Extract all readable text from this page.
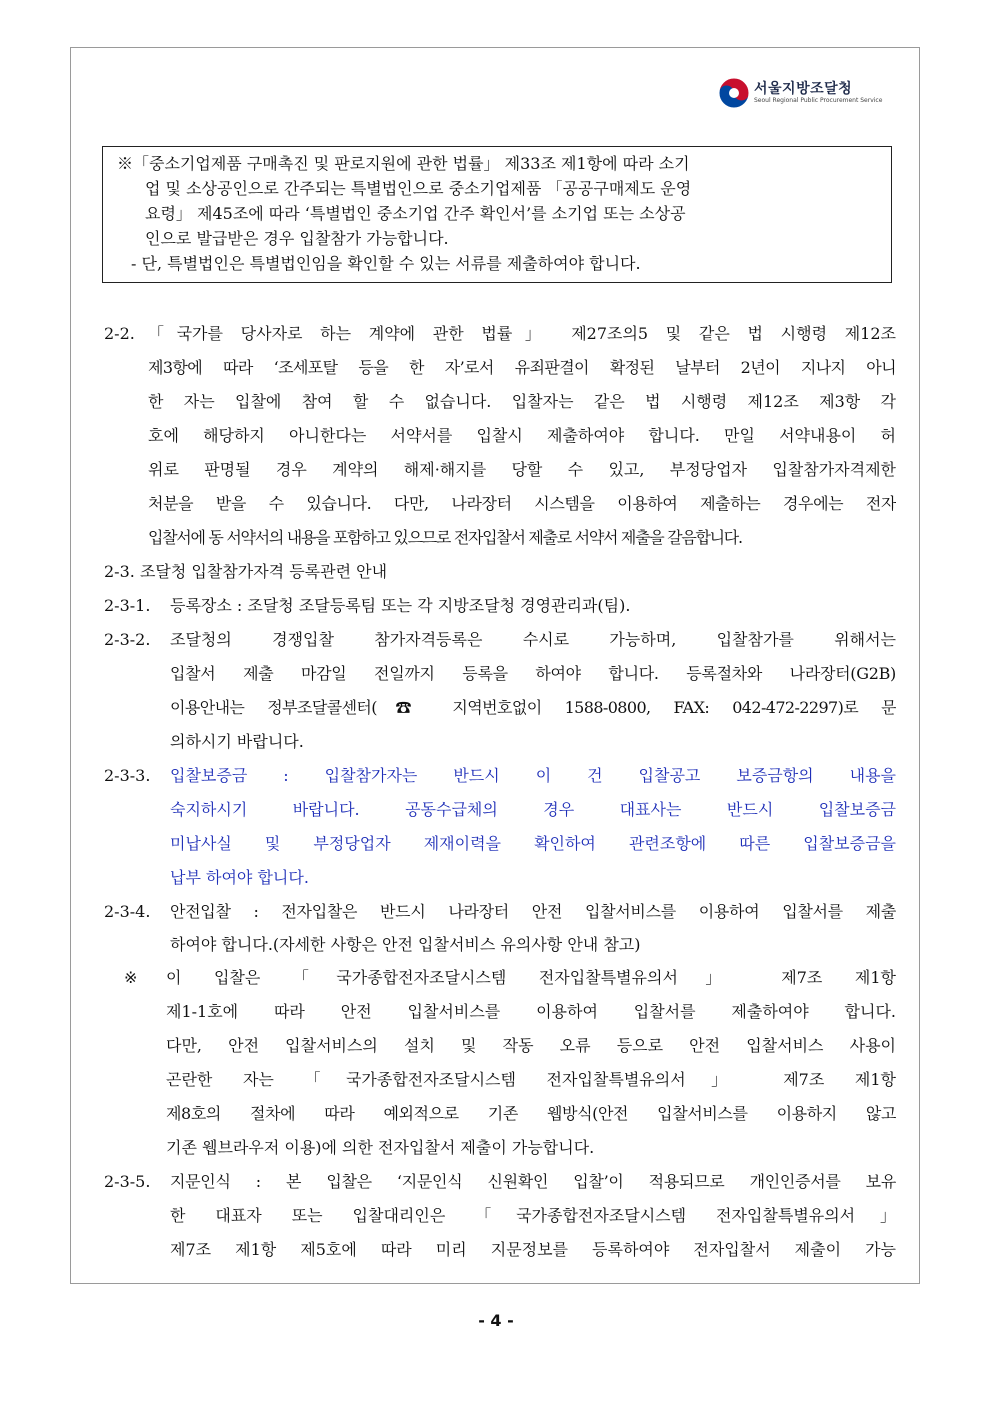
서울지방조달청
Seoul Regional Public Procurement Service
※「중소기업제품 구매촉진 및 판로지원에 관한 법률」 제33조 제1항에 따라 소기
업 및 소상공인으로 간주되는 특별법인으로 중소기업제품 「공공구매제도 운영
요령」 제45조에 따라 ‘특별법인 중소기업 간주 확인서’를 소기업 또는 소상공
인으로 발급받은 경우 입찰참가 가능합니다.
- 단, 특별법인은 특별법인임을 확인할 수 있는 서류를 제출하여야 합니다.
2-2. 「국가를 당사자로 하는 계약에 관한 법률」 제27조의5 및 같은 법 시행령 제12조
제3항에 따라 ‘조세포탈 등을 한 자’로서 유죄판결이 확정된 날부터 2년이 지나지 아니
한 자는 입찰에 참여 할 수 없습니다. 입찰자는 같은 법 시행령 제12조 제3항 각
호에 해당하지 아니한다는 서약서를 입찰시 제출하여야 합니다. 만일 서약내용이 허
위로 판명될 경우 계약의 해제·해지를 당할 수 있고, 부정당업자 입찰참가자격제한
처분을 받을 수 있습니다. 다만, 나라장터 시스템을 이용하여 제출하는 경우에는 전자
입찰서에 동 서약서의 내용을 포함하고 있으므로 전자입찰서 제출로 서약서 제출을 갈음합니다.
2-3. 조달청 입찰참가자격 등록관련 안내
2-3-1.	등록장소 : 조달청 조달등록팀 또는 각 지방조달청 경영관리과(팀).
2-3-2.	조달청의 경쟁입찰 참가자격등록은 수시로 가능하며, 입찰참가를 위해서는
입찰서 제출 마감일 전일까지 등록을 하여야 합니다. 등록절차와 나라장터(G2B)
이용안내는 정부조달콜센터(☎ 지역번호없이 1588-0800, FAX: 042-472-2297)로 문
의하시기 바랍니다.
2-3-3.	입찰보증금 : 입찰참가자는 반드시 이 건 입찰공고 보증금항의 내용을
숙지하시기 바랍니다. 공동수급체의 경우 대표사는 반드시 입찰보증금
미납사실 및 부정당업자 제재이력을 확인하여 관련조항에 따른 입찰보증금을
납부 하여야 합니다.
2-3-4.	안전입찰 : 전자입찰은 반드시 나라장터 안전 입찰서비스를 이용하여 입찰서를 제출
하여야 합니다.(자세한 사항은 안전 입찰서비스 유의사항 안내 참고)
※	이 입찰은 「국가종합전자조달시스템 전자입찰특별유의서」 제7조 제1항
제1-1호에 따라 안전 입찰서비스를 이용하여 입찰서를 제출하여야 합니다.
다만, 안전 입찰서비스의 설치 및 작동 오류 등으로 안전 입찰서비스 사용이
곤란한 자는 「국가종합전자조달시스템 전자입찰특별유의서」 제7조 제1항
제8호의 절차에 따라 예외적으로 기존 웹방식(안전 입찰서비스를 이용하지 않고
기존 웹브라우저 이용)에 의한 전자입찰서 제출이 가능합니다.
2-3-5.	지문인식 : 본 입찰은 ‘지문인식 신원확인 입찰’이 적용되므로 개인인증서를 보유
한 대표자 또는 입찰대리인은 「국가종합전자조달시스템 전자입찰특별유의서」
제7조 제1항 제5호에 따라 미리 지문정보를 등록하여야 전자입찰서 제출이 가능
- 4 -
